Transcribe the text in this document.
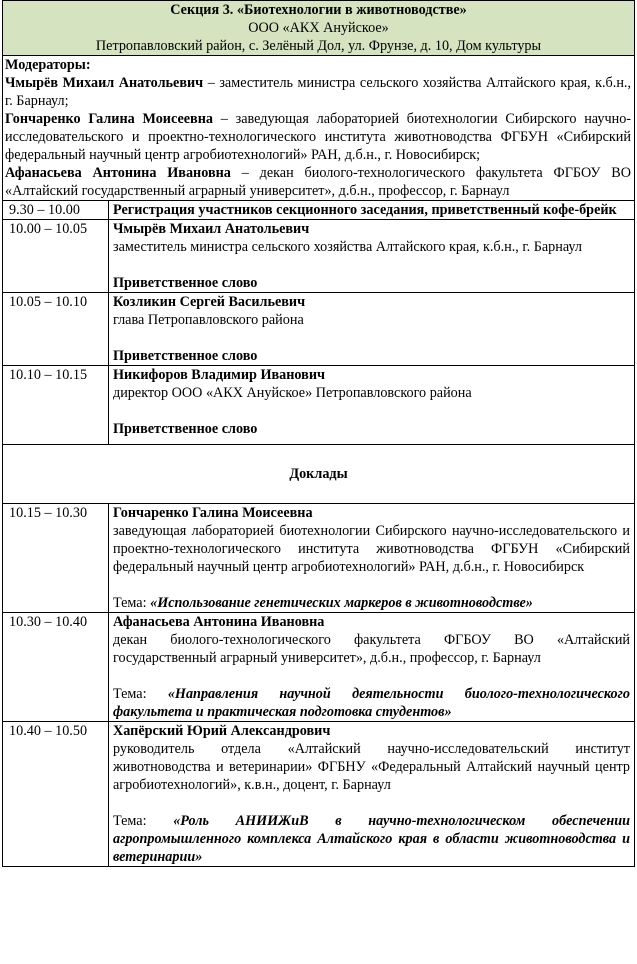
Секция 3. «Биотехнологии в животноводстве»
ООО «АКХ Ануйское»
Петропавловский район, с. Зелёный Дол, ул. Фрунзе, д. 10, Дом культуры	

Модераторы:
Чмырёв Михаил Анатольевич – заместитель министра сельского хозяйства Алтайского края, к.б.н., г. Барнаул;
Гончаренко Галина Моисеевна – заведующая лабораторией биотехнологии Сибирского научно-исследовательского и проектно-технологического института животноводства ФГБУН «Сибирский федеральный научный центр агробиотехнологий» РАН, д.б.н., г. Новосибирск;
Афанасьева Антонина Ивановна – декан биолого-технологического факультета ФГБОУ ВО «Алтайский государственный аграрный университет», д.б.н., профессор, г. Барнаул	

9.30 – 10.00	Регистрация участников секционного заседания, приветственный кофе-брейк
10.00 – 10.05	Чмырёв Михаил Анатольевич
заместитель министра сельского хозяйства Алтайского края, к.б.н., г. Барнаул
Приветственное слово

10.05 – 10.10	Козликин Сергей Васильевич
глава Петропавловского района
Приветственное слово

10.10 – 10.15	Никифоров Владимир Иванович
директор ООО «АКХ Ануйское» Петропавловского района
Приветственное слово

Доклады	
10.15 – 10.30	Гончаренко Галина Моисеевна
заведующая лабораторией биотехнологии Сибирского научно-исследовательского и проектно-технологического института животноводства ФГБУН «Сибирский федеральный научный центр агробиотехнологий» РАН, д.б.н., г. Новосибирск
Тема: «Использование генетических маркеров в животноводстве»

10.30 – 10.40	Афанасьева Антонина Ивановна
декан биолого-технологического факультета ФГБОУ ВО «Алтайский государственный аграрный университет», д.б.н., профессор, г. Барнаул
Тема: «Направления научной деятельности биолого-технологического факультета и практическая подготовка студентов»

10.40 – 10.50	Хапёрский Юрий Александрович
руководитель отдела «Алтайский научно-исследовательский институт животноводства и ветеринарии» ФГБНУ «Федеральный Алтайский научный центр агробиотехнологий», к.в.н., доцент, г. Барнаул
Тема: «Роль АНИИЖиВ в научно-технологическом обеспечении агропромышленного комплекса Алтайского края в области животноводства и ветеринарии»
